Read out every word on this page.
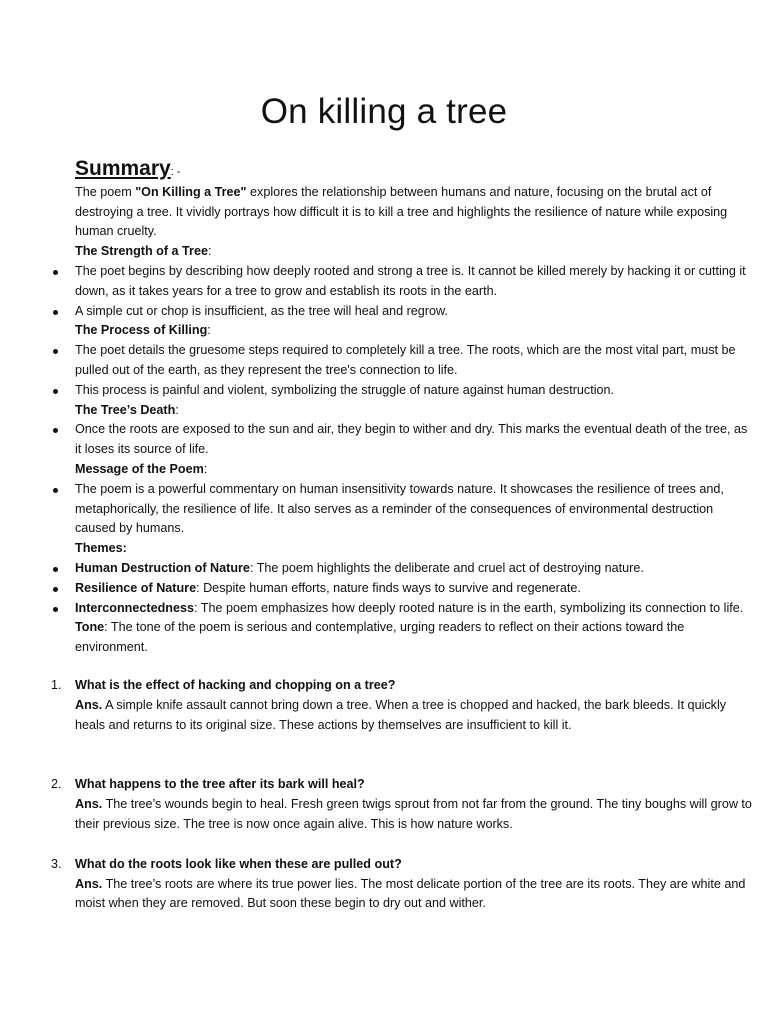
On killing a tree
Summary: -

The poem "On Killing a Tree" explores the relationship between humans and nature, focusing on the brutal act of destroying a tree. It vividly portrays how difficult it is to kill a tree and highlights the resilience of nature while exposing human cruelty.

The Strength of a Tree:

The poet begins by describing how deeply rooted and strong a tree is. It cannot be killed merely by hacking it or cutting it down, as it takes years for a tree to grow and establish its roots in the earth.

A simple cut or chop is insufficient, as the tree will heal and regrow.

The Process of Killing:

The poet details the gruesome steps required to completely kill a tree. The roots, which are the most vital part, must be pulled out of the earth, as they represent the tree's connection to life.

This process is painful and violent, symbolizing the struggle of nature against human destruction.

The Tree’s Death:

Once the roots are exposed to the sun and air, they begin to wither and dry. This marks the eventual death of the tree, as it loses its source of life.

Message of the Poem:

The poem is a powerful commentary on human insensitivity towards nature. It showcases the resilience of trees and, metaphorically, the resilience of life. It also serves as a reminder of the consequences of environmental destruction caused by humans.

Themes:

Human Destruction of Nature: The poem highlights the deliberate and cruel act of destroying nature.

Resilience of Nature: Despite human efforts, nature finds ways to survive and regenerate.

Interconnectedness: The poem emphasizes how deeply rooted nature is in the earth, symbolizing its connection to life.

Tone: The tone of the poem is serious and contemplative, urging readers to reflect on their actions toward the environment.

1. What is the effect of hacking and chopping on a tree?

Ans. A simple knife assault cannot bring down a tree. When a tree is chopped and hacked, the bark bleeds. It quickly heals and returns to its original size. These actions by themselves are insufficient to kill it.

2. What happens to the tree after its bark will heal?

Ans. The tree’s wounds begin to heal. Fresh green twigs sprout from not far from the ground. The tiny boughs will grow to their previous size. The tree is now once again alive. This is how nature works.

3. What do the roots look like when these are pulled out?

Ans. The tree’s roots are where its true power lies. The most delicate portion of the tree are its roots. They are white and moist when they are removed. But soon these begin to dry out and wither.
